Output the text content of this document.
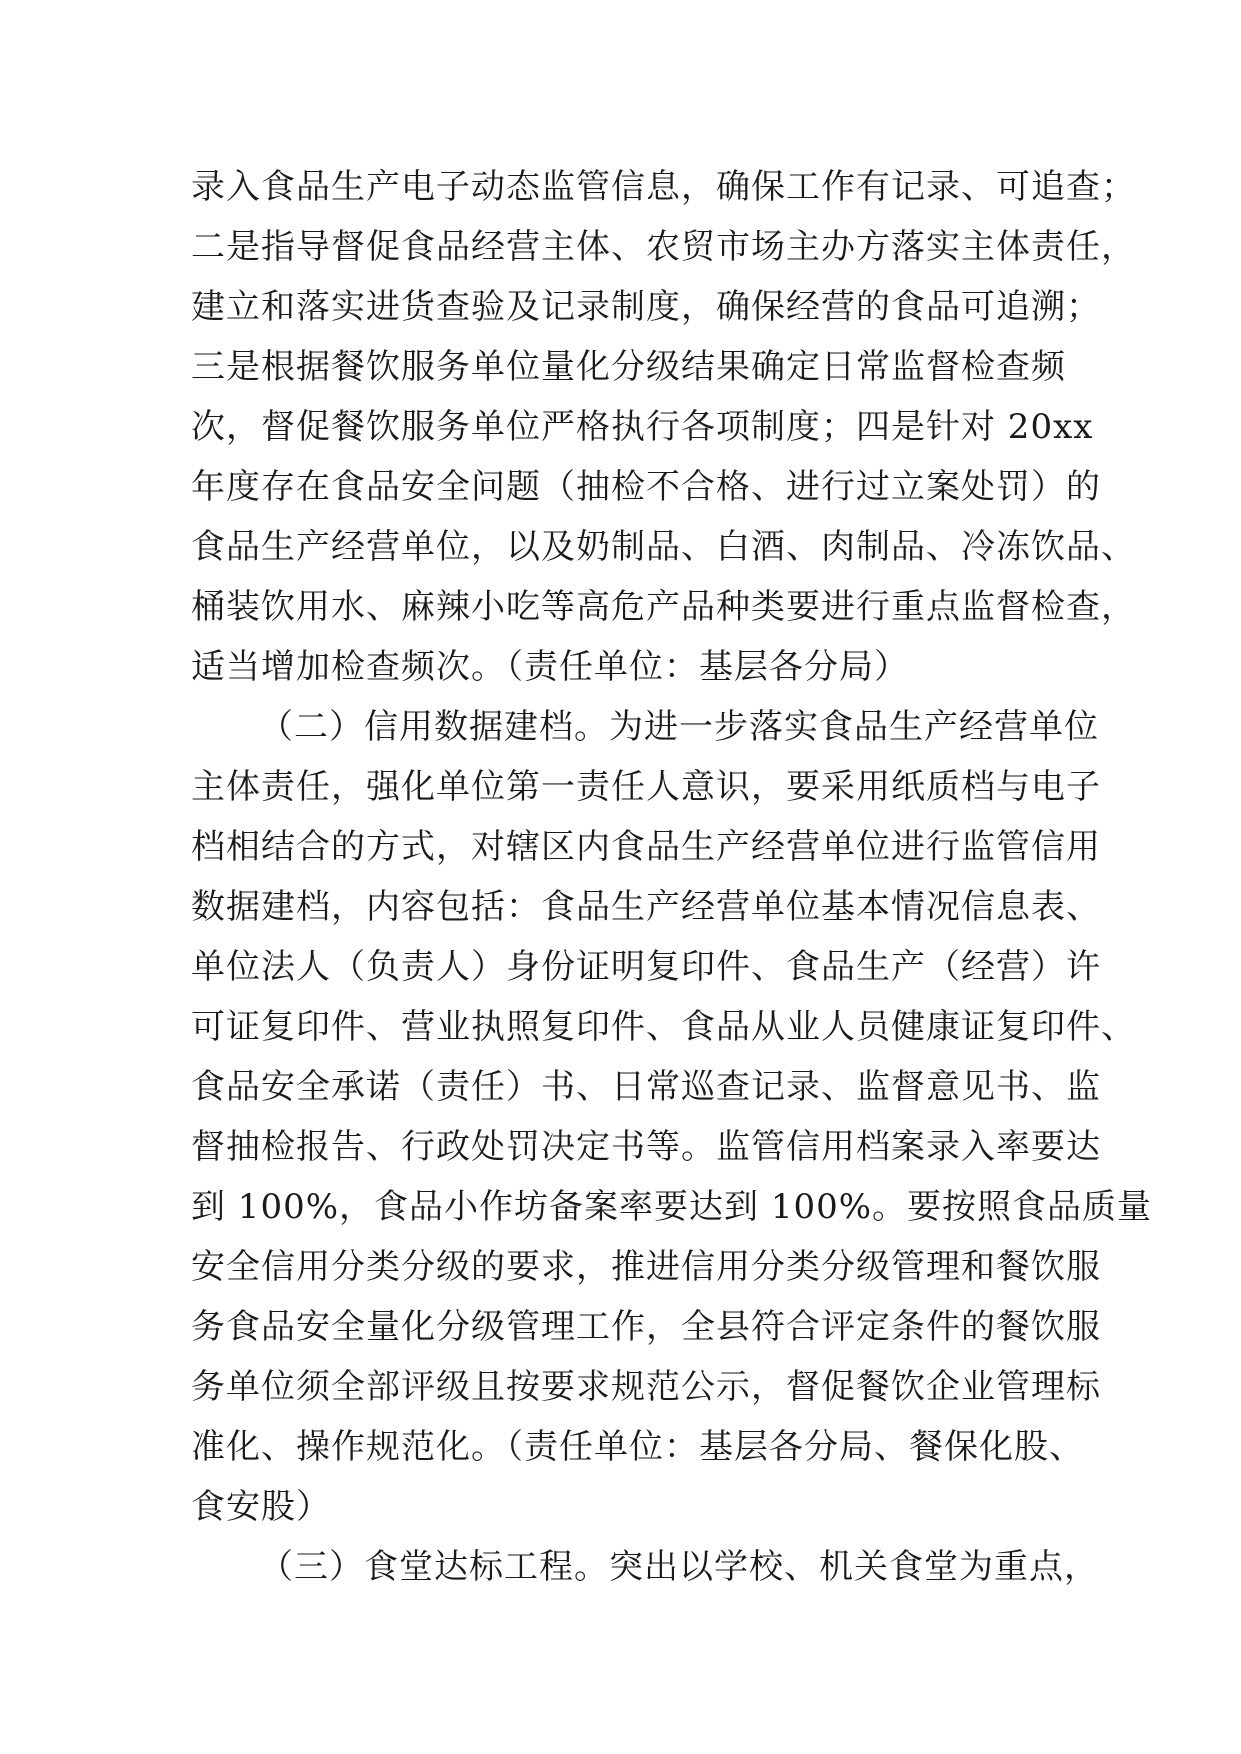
录入食品生产电子动态监管信息，确保工作有记录、可追查；
二是指导督促食品经营主体、农贸市场主办方落实主体责任，
建立和落实进货查验及记录制度，确保经营的食品可追溯；
三是根据餐饮服务单位量化分级结果确定日常监督检查频
次，督促餐饮服务单位严格执行各项制度；四是针对 20xx
年度存在食品安全问题（抽检不合格、进行过立案处罚）的
食品生产经营单位，以及奶制品、白酒、肉制品、冷冻饮品、
桶装饮用水、麻辣小吃等高危产品种类要进行重点监督检查，
适当增加检查频次。（责任单位：基层各分局）
（二）信用数据建档。为进一步落实食品生产经营单位
主体责任，强化单位第一责任人意识，要采用纸质档与电子
档相结合的方式，对辖区内食品生产经营单位进行监管信用
数据建档，内容包括：食品生产经营单位基本情况信息表、
单位法人（负责人）身份证明复印件、食品生产（经营）许
可证复印件、营业执照复印件、食品从业人员健康证复印件、
食品安全承诺（责任）书、日常巡查记录、监督意见书、监
督抽检报告、行政处罚决定书等。监管信用档案录入率要达
到 100%，食品小作坊备案率要达到 100%。要按照食品质量
安全信用分类分级的要求，推进信用分类分级管理和餐饮服
务食品安全量化分级管理工作，全县符合评定条件的餐饮服
务单位须全部评级且按要求规范公示，督促餐饮企业管理标
准化、操作规范化。（责任单位：基层各分局、餐保化股、
食安股）
（三）食堂达标工程。突出以学校、机关食堂为重点，
